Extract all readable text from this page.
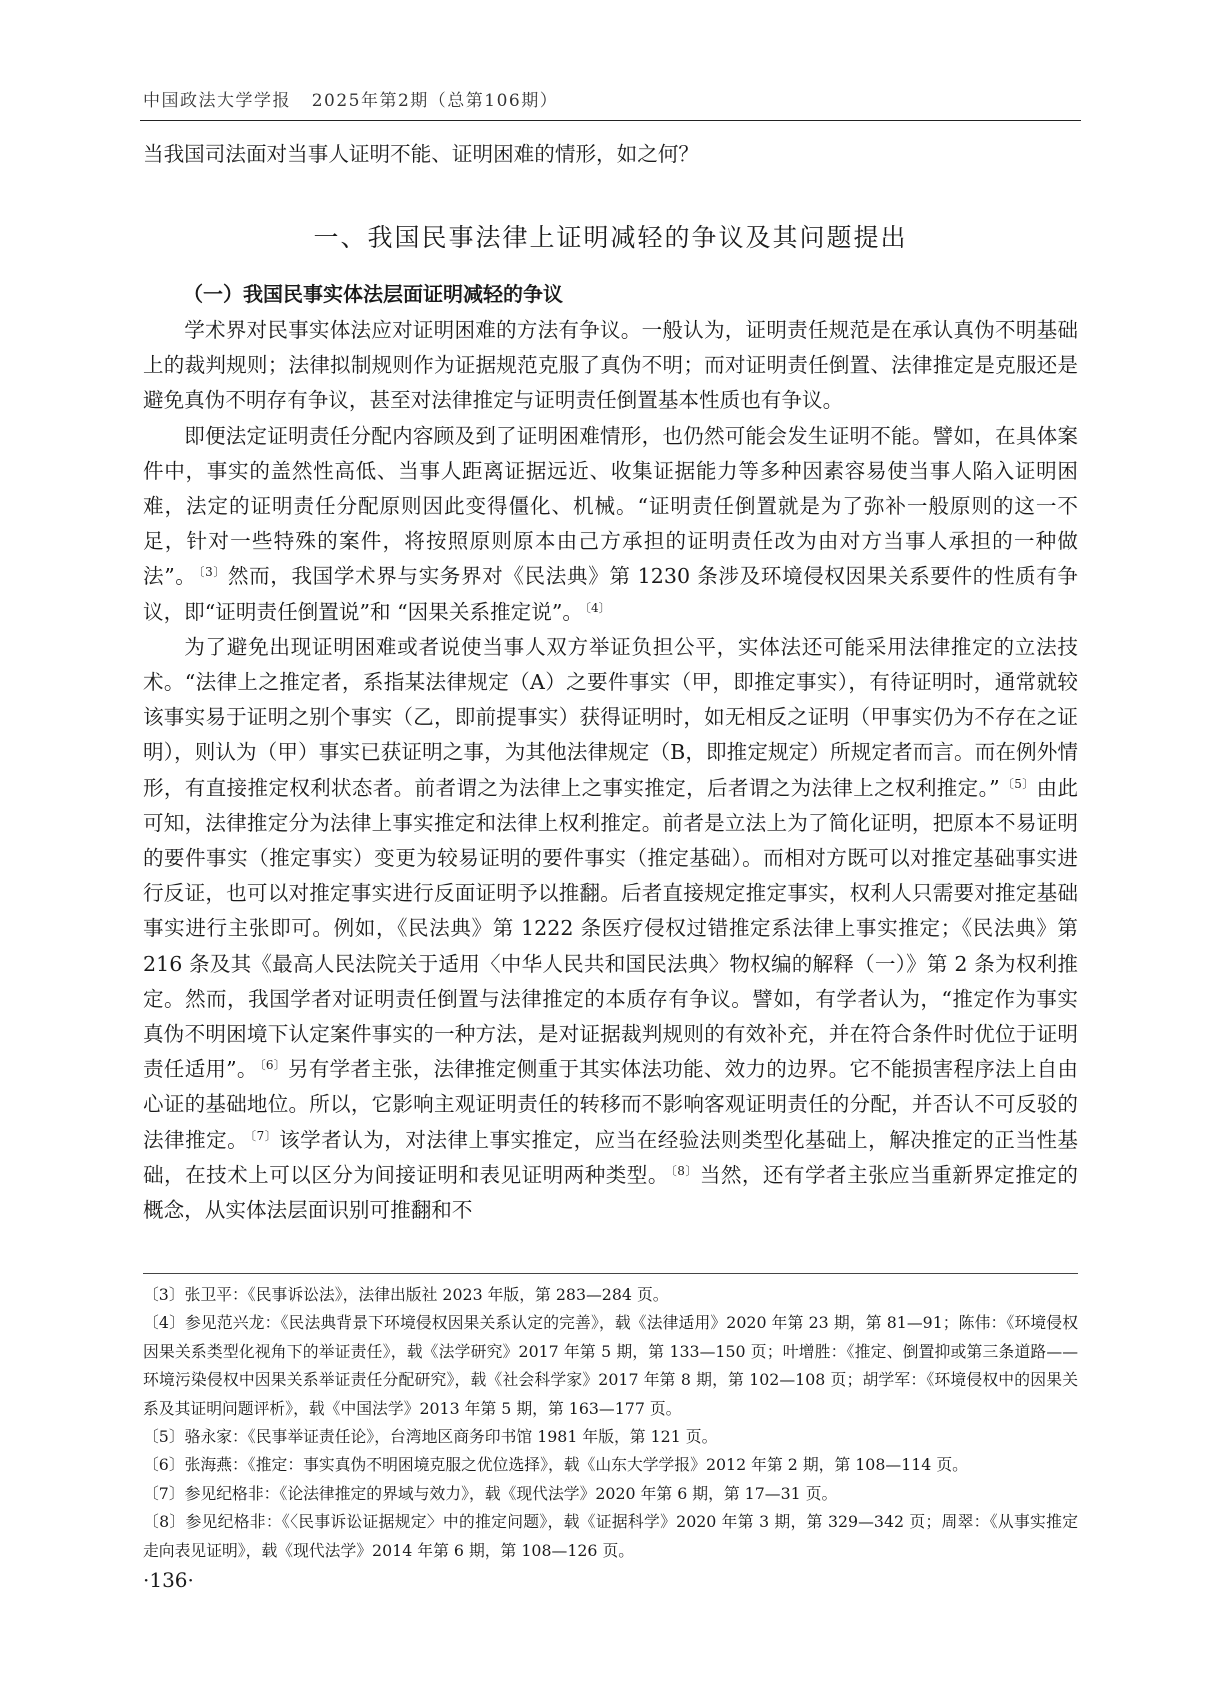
中国政法大学学报 2025年第2期（总第106期）

当我国司法面对当事人证明不能、证明困难的情形，如之何？

一、我国民事法律上证明减轻的争议及其问题提出
（一）我国民事实体法层面证明减轻的争议

学术界对民事实体法应对证明困难的方法有争议。一般认为，证明责任规范是在承认真伪不明基础上的裁判规则；法律拟制规则作为证据规范克服了真伪不明；而对证明责任倒置、法律推定是克服还是避免真伪不明存有争议，甚至对法律推定与证明责任倒置基本性质也有争议。

即便法定证明责任分配内容顾及到了证明困难情形，也仍然可能会发生证明不能。譬如，在具体案件中，事实的盖然性高低、当事人距离证据远近、收集证据能力等多种因素容易使当事人陷入证明困难，法定的证明责任分配原则因此变得僵化、机械。“证明责任倒置就是为了弥补一般原则的这一不足，针对一些特殊的案件，将按照原则原本由己方承担的证明责任改为由对方当事人承担的一种做法”。 $^{〔3〕}$然而，我国学术界与实务界对《民法典》第 1230 条涉及环境侵权因果关系要件的性质有争议，即“证明责任倒置说”和 “因果关系推定说”。 $^{〔4〕}$

为了避免出现证明困难或者说使当事人双方举证负担公平，实体法还可能采用法律推定的立法技术。“法律上之推定者，系指某法律规定（A）之要件事实（甲，即推定事实），有待证明时，通常就较该事实易于证明之别个事实（乙，即前提事实）获得证明时，如无相反之证明（甲事实仍为不存在之证明），则认为（甲）事实已获证明之事，为其他法律规定（B，即推定规定）所规定者而言。而在例外情形，有直接推定权利状态者。前者谓之为法律上之事实推定，后者谓之为法律上之权利推定。” $^{〔5〕}$由此可知，法律推定分为法律上事实推定和法律上权利推定。前者是立法上为了简化证明，把原本不易证明的要件事实（推定事实）变更为较易证明的要件事实（推定基础）。而相对方既可以对推定基础事实进行反证，也可以对推定事实进行反面证明予以推翻。后者直接规定推定事实，权利人只需要对推定基础事实进行主张即可。例如，《民法典》第 1222 条医疗侵权过错推定系法律上事实推定；《民法典》第 216 条及其《最高人民法院关于适用〈中华人民共和国民法典〉物权编的解释（一）》第 2 条为权利推定。然而，我国学者对证明责任倒置与法律推定的本质存有争议。譬如，有学者认为，“推定作为事实真伪不明困境下认定案件事实的一种方法，是对证据裁判规则的有效补充，并在符合条件时优位于证明责任适用”。 $^{〔6〕}$另有学者主张，法律推定侧重于其实体法功能、效力的边界。它不能损害程序法上自由心证的基础地位。所以，它影响主观证明责任的转移而不影响客观证明责任的分配，并否认不可反驳的法律推定。 $^{〔7〕}$该学者认为，对法律上事实推定，应当在经验法则类型化基础上，解决推定的正当性基础，在技术上可以区分为间接证明和表见证明两种类型。 $^{〔8〕}$当然，还有学者主张应当重新界定推定的概念，从实体法层面识别可推翻和不

〔3〕张卫平：《民事诉讼法》，法律出版社 2023 年版，第 283—284 页。

〔4〕参见范兴龙：《民法典背景下环境侵权因果关系认定的完善》，载《法律适用》2020 年第 23 期，第 81—91；陈伟：《环境侵权因果关系类型化视角下的举证责任》，载《法学研究》2017 年第 5 期，第 133—150 页；叶增胜：《推定、倒置抑或第三条道路——环境污染侵权中因果关系举证责任分配研究》，载《社会科学家》2017 年第 8 期，第 102—108 页；胡学军：《环境侵权中的因果关系及其证明问题评析》，载《中国法学》2013 年第 5 期，第 163—177 页。

〔5〕骆永家：《民事举证责任论》，台湾地区商务印书馆 1981 年版，第 121 页。

〔6〕张海燕：《推定：事实真伪不明困境克服之优位选择》，载《山东大学学报》2012 年第 2 期，第 108—114 页。

〔7〕参见纪格非：《论法律推定的界域与效力》，载《现代法学》2020 年第 6 期，第 17—31 页。

〔8〕参见纪格非：《〈民事诉讼证据规定〉中的推定问题》，载《证据科学》2020 年第 3 期，第 329—342 页；周翠：《从事实推定走向表见证明》，载《现代法学》2014 年第 6 期，第 108—126 页。

·136·
